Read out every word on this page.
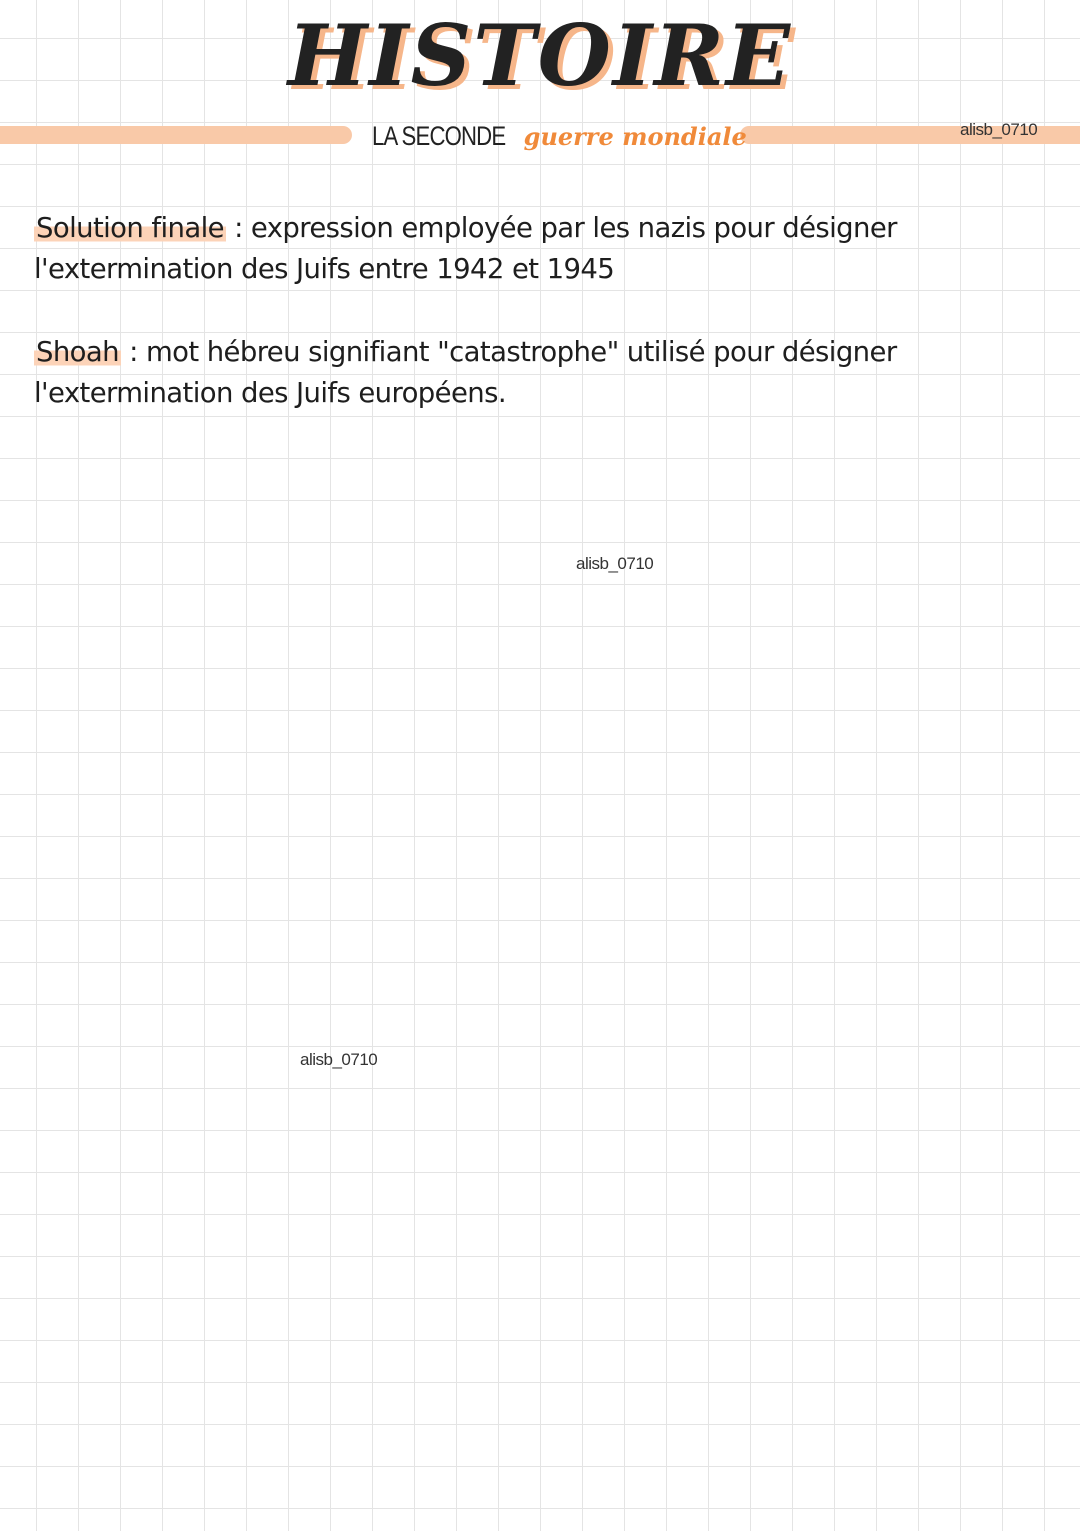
HISTOIRE
LA SECONDE guerre mondiale	alisb_0710

Solution finale : expression employée par les nazis pour désigner l'extermination des Juifs entre 1942 et 1945

Shoah : mot hébreu signifiant "catastrophe" utilisé pour désigner l'extermination des Juifs européens.

alisb_0710
alisb_0710
